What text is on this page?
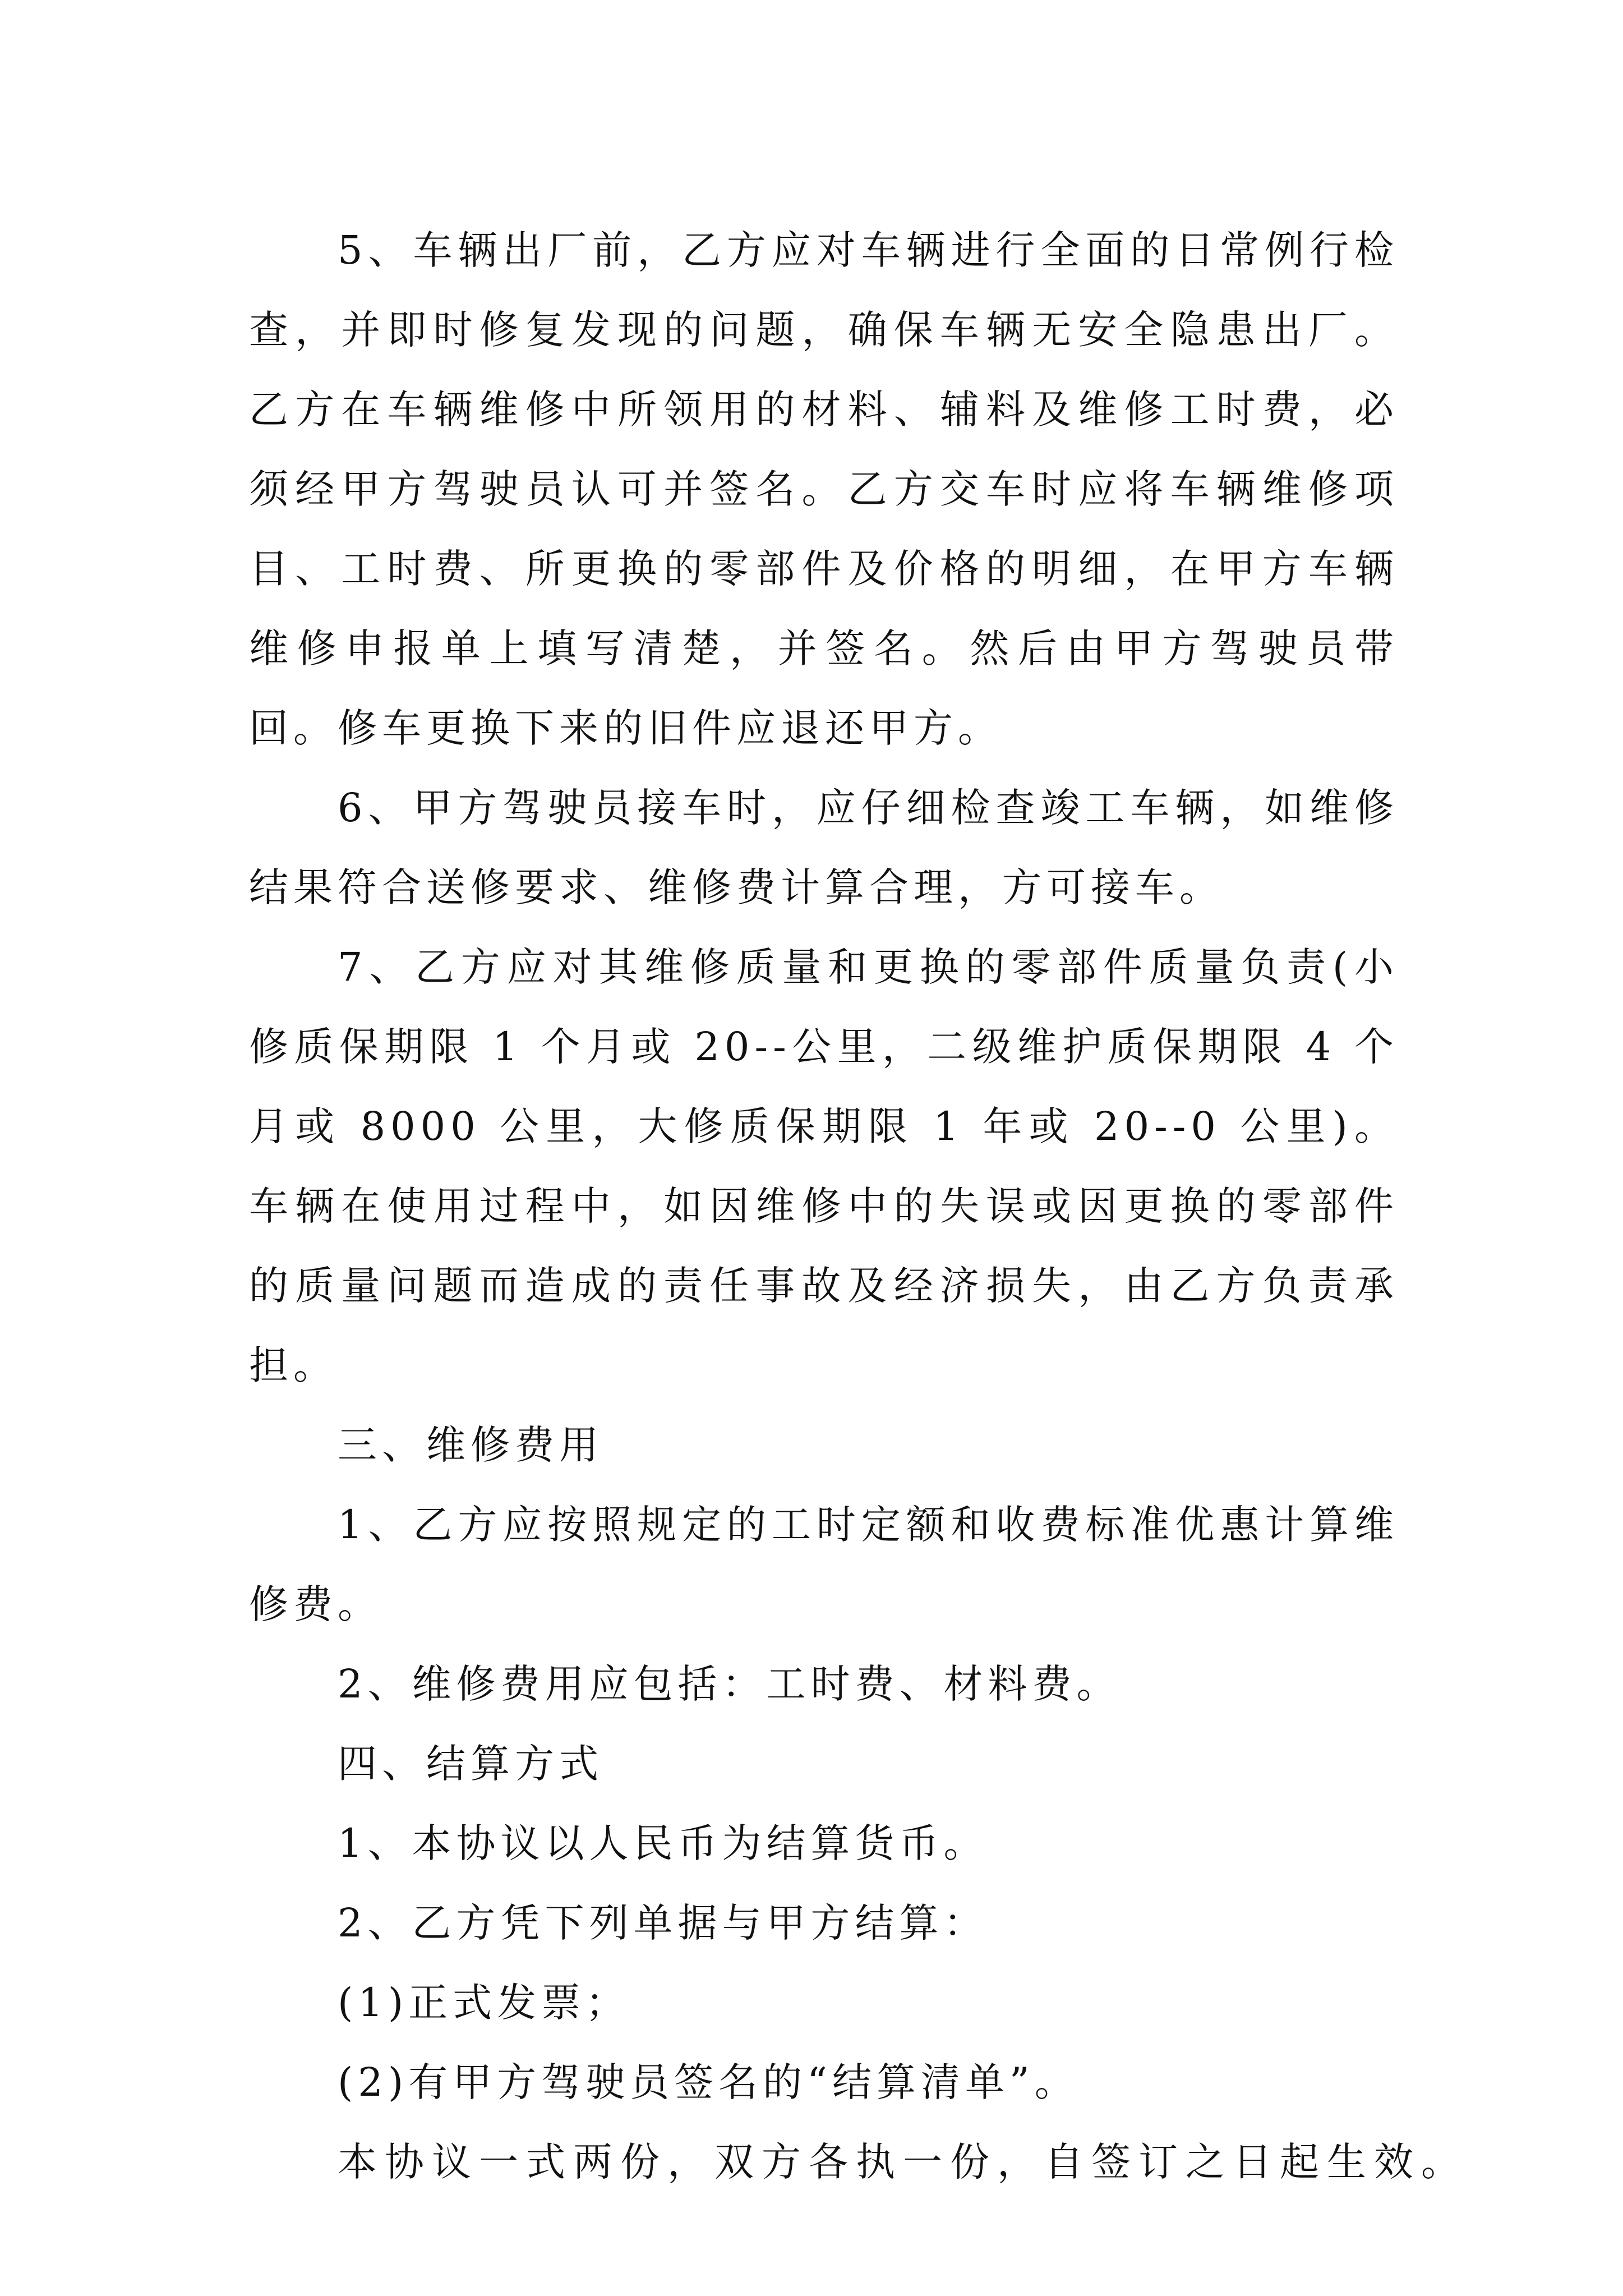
5、车辆出厂前，乙方应对车辆进行全面的日常例行检查，并即时修复发现的问题，确保车辆无安全隐患出厂。乙方在车辆维修中所领用的材料、辅料及维修工时费，必须经甲方驾驶员认可并签名。乙方交车时应将车辆维修项目、工时费、所更换的零部件及价格的明细，在甲方车辆维修申报单上填写清楚，并签名。然后由甲方驾驶员带回。修车更换下来的旧件应退还甲方。

6、甲方驾驶员接车时，应仔细检查竣工车辆，如维修结果符合送修要求、维修费计算合理，方可接车。

7、乙方应对其维修质量和更换的零部件质量负责(小修质保期限 1 个月或 20--公里，二级维护质保期限 4 个月或 8000 公里，大修质保期限 1 年或 20--0 公里)。车辆在使用过程中，如因维修中的失误或因更换的零部件的质量问题而造成的责任事故及经济损失，由乙方负责承担。

三、维修费用

1、乙方应按照规定的工时定额和收费标准优惠计算维修费。

2、维修费用应包括：工时费、材料费。

四、结算方式

1、本协议以人民币为结算货币。

2、乙方凭下列单据与甲方结算：

(1)正式发票；

(2)有甲方驾驶员签名的“结算清单”。

本协议一式两份，双方各执一份，自签订之日起生效。
